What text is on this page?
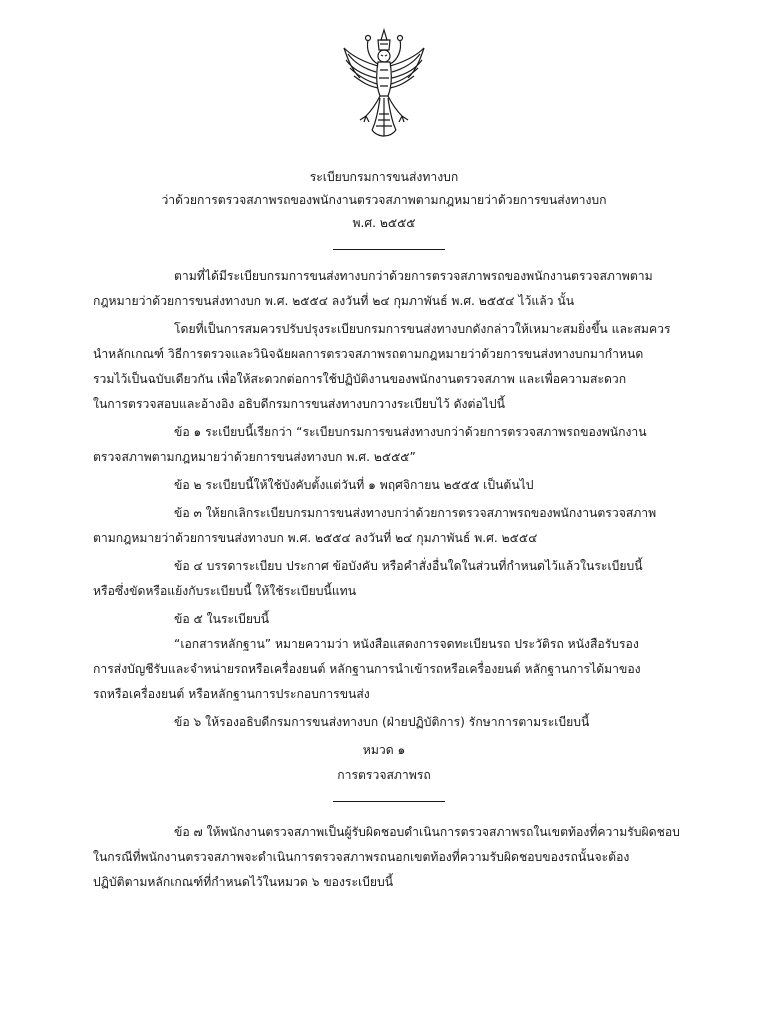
ระเบียบกรมการขนส่งทางบก
ว่าด้วยการตรวจสภาพรถของพนักงานตรวจสภาพตามกฎหมายว่าด้วยการขนส่งทางบก
พ.ศ. ๒๕๕๕
ตามที่ได้มีระเบียบกรมการขนส่งทางบกว่าด้วยการตรวจสภาพรถของพนักงานตรวจสภาพตาม
กฎหมายว่าด้วยการขนส่งทางบก พ.ศ. ๒๕๕๔ ลงวันที่ ๒๔ กุมภาพันธ์ พ.ศ. ๒๕๕๔ ไว้แล้ว นั้น
โดยที่เป็นการสมควรปรับปรุงระเบียบกรมการขนส่งทางบกดังกล่าวให้เหมาะสมยิ่งขึ้น และสมควร
นำหลักเกณฑ์ วิธีการตรวจและวินิจฉัยผลการตรวจสภาพรถตามกฎหมายว่าด้วยการขนส่งทางบกมากำหนด
รวมไว้เป็นฉบับเดียวกัน เพื่อให้สะดวกต่อการใช้ปฏิบัติงานของพนักงานตรวจสภาพ และเพื่อความสะดวก
ในการตรวจสอบและอ้างอิง อธิบดีกรมการขนส่งทางบกวางระเบียบไว้ ดังต่อไปนี้
ข้อ ๑ ระเบียบนี้เรียกว่า “ระเบียบกรมการขนส่งทางบกว่าด้วยการตรวจสภาพรถของพนักงาน
ตรวจสภาพตามกฎหมายว่าด้วยการขนส่งทางบก พ.ศ. ๒๕๕๕”
ข้อ ๒ ระเบียบนี้ให้ใช้บังคับตั้งแต่วันที่ ๑ พฤศจิกายน ๒๕๕๕ เป็นต้นไป
ข้อ ๓ ให้ยกเลิกระเบียบกรมการขนส่งทางบกว่าด้วยการตรวจสภาพรถของพนักงานตรวจสภาพ
ตามกฎหมายว่าด้วยการขนส่งทางบก พ.ศ. ๒๕๕๔ ลงวันที่ ๒๔ กุมภาพันธ์ พ.ศ. ๒๕๕๔
ข้อ ๔ บรรดาระเบียบ ประกาศ ข้อบังคับ หรือคำสั่งอื่นใดในส่วนที่กำหนดไว้แล้วในระเบียบนี้
หรือซึ่งขัดหรือแย้งกับระเบียบนี้ ให้ใช้ระเบียบนี้แทน
ข้อ ๕ ในระเบียบนี้
“เอกสารหลักฐาน” หมายความว่า หนังสือแสดงการจดทะเบียนรถ ประวัติรถ หนังสือรับรอง
การส่งบัญชีรับและจำหน่ายรถหรือเครื่องยนต์ หลักฐานการนำเข้ารถหรือเครื่องยนต์ หลักฐานการได้มาของ
รถหรือเครื่องยนต์ หรือหลักฐานการประกอบการขนส่ง
ข้อ ๖ ให้รองอธิบดีกรมการขนส่งทางบก (ฝ่ายปฏิบัติการ) รักษาการตามระเบียบนี้
หมวด ๑
การตรวจสภาพรถ
ข้อ ๗ ให้พนักงานตรวจสภาพเป็นผู้รับผิดชอบดำเนินการตรวจสภาพรถในเขตท้องที่ความรับผิดชอบ
ในกรณีที่พนักงานตรวจสภาพจะดำเนินการตรวจสภาพรถนอกเขตท้องที่ความรับผิดชอบของรถนั้นจะต้อง
ปฏิบัติตามหลักเกณฑ์ที่กำหนดไว้ในหมวด ๖ ของระเบียบนี้
